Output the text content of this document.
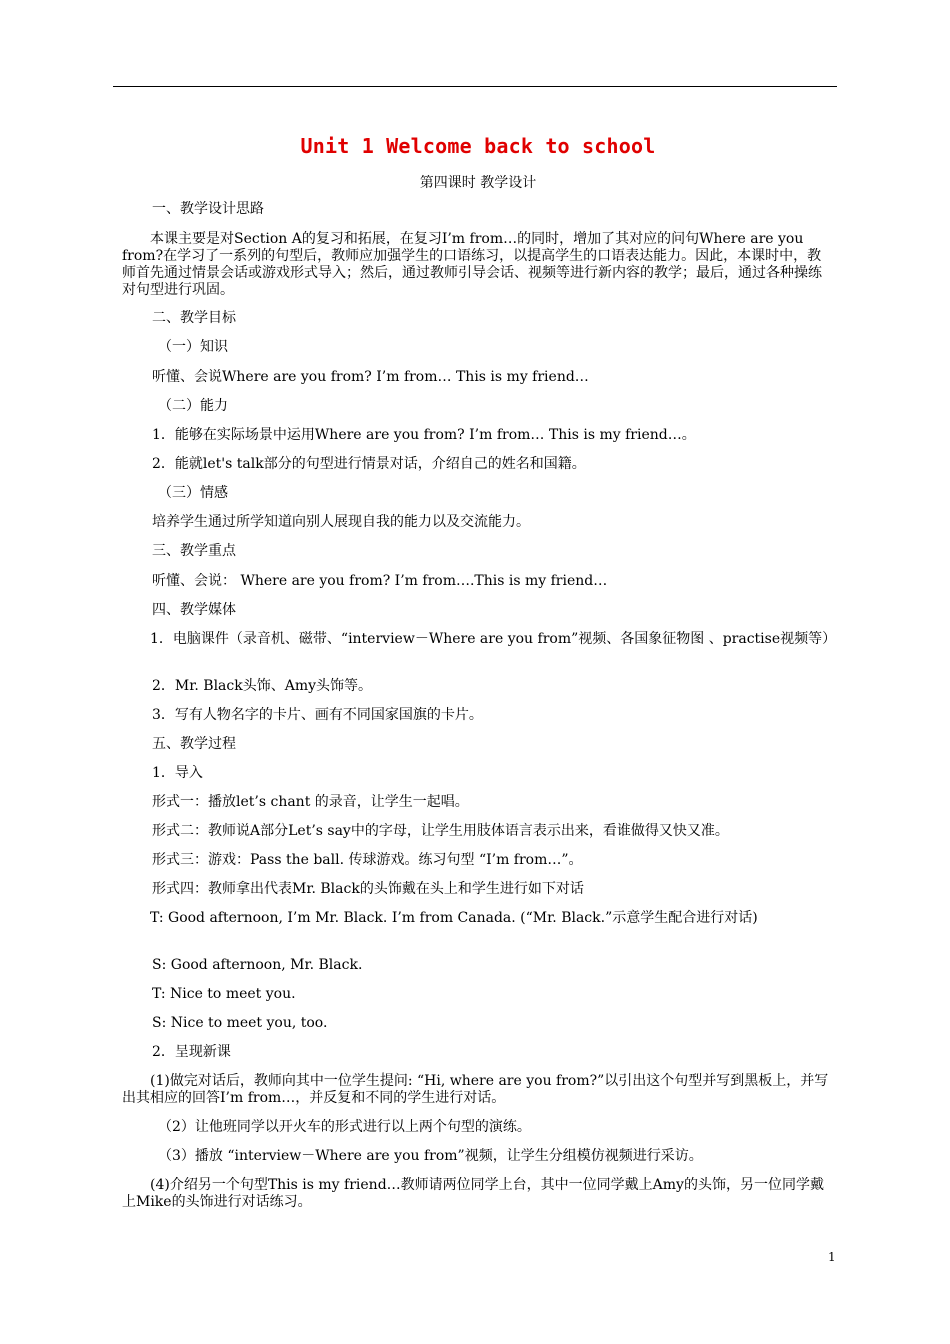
Unit 1 Welcome back to school
第四课时 教学设计
一、教学设计思路
本课主要是对Section A的复习和拓展，在复习I’m from…的同时，增加了其对应的问句Where are you from?在学习了一系列的句型后，教师应加强学生的口语练习，以提高学生的口语表达能力。因此，本课时中，教师首先通过情景会话或游戏形式导入；然后，通过教师引导会话、视频等进行新内容的教学；最后，通过各种操练对句型进行巩固。
二、教学目标
（一）知识
听懂、会说Where are you from? I’m from… This is my friend…
（二）能力
1．能够在实际场景中运用Where are you from? I’m from… This is my friend…。
2．能就let's talk部分的句型进行情景对话，介绍自己的姓名和国籍。
（三）情感
培养学生通过所学知道向别人展现自我的能力以及交流能力。
三、教学重点
听懂、会说： Where are you from? I’m from….This is my friend…
四、教学媒体
1．电脑课件（录音机、磁带、“interview－Where are you from”视频、各国象征物图 、practise视频等）
2．Mr. Black头饰、Amy头饰等。
3．写有人物名字的卡片、画有不同国家国旗的卡片。
五、教学过程
1．导入
形式一：播放let’s chant 的录音，让学生一起唱。
形式二：教师说A部分Let’s say中的字母，让学生用肢体语言表示出来，看谁做得又快又准。
形式三：游戏：Pass the ball. 传球游戏。练习句型 “I’m from…”。
形式四：教师拿出代表Mr. Black的头饰戴在头上和学生进行如下对话
T: Good afternoon, I’m Mr. Black. I’m from Canada. (“Mr. Black.”示意学生配合进行对话)
S: Good afternoon, Mr. Black.
T: Nice to meet you.
S: Nice to meet you, too.
2．呈现新课
(1)做完对话后，教师向其中一位学生提问: “Hi, where are you from?”以引出这个句型并写到黑板上，并写出其相应的回答I’m from…，并反复和不同的学生进行对话。
（2）让他班同学以开火车的形式进行以上两个句型的演练。
（3）播放 “interview－Where are you from”视频，让学生分组模仿视频进行采访。
(4)介绍另一个句型This is my friend…教师请两位同学上台，其中一位同学戴上Amy的头饰，另一位同学戴上Mike的头饰进行对话练习。
1
